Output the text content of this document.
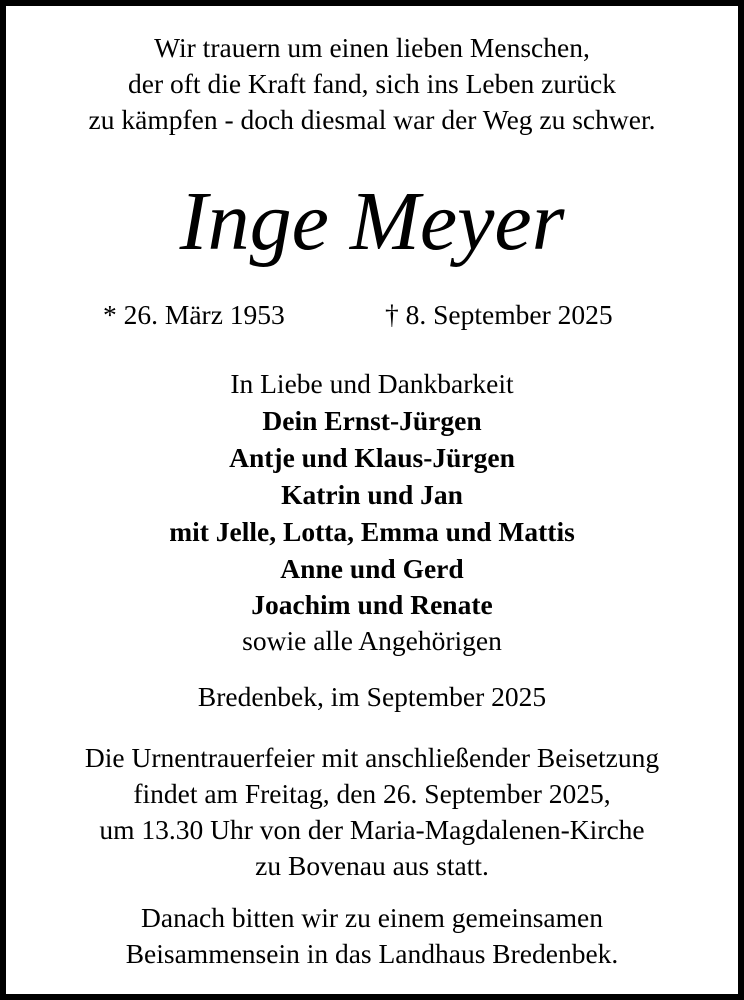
Wir trauern um einen lieben Menschen,
der oft die Kraft fand, sich ins Leben zurück
zu kämpfen - doch diesmal war der Weg zu schwer.
Inge Meyer
* 26. März 1953	† 8. September 2025
In Liebe und Dankbarkeit
Dein Ernst-Jürgen
Antje und Klaus-Jürgen
Katrin und Jan
mit Jelle, Lotta, Emma und Mattis
Anne und Gerd
Joachim und Renate
sowie alle Angehörigen
Bredenbek, im September 2025
Die Urnentrauerfeier mit anschließender Beisetzung
findet am Freitag, den 26. September 2025,
um 13.30 Uhr von der Maria-Magdalenen-Kirche
zu Bovenau aus statt.
Danach bitten wir zu einem gemeinsamen
Beisammensein in das Landhaus Bredenbek.
